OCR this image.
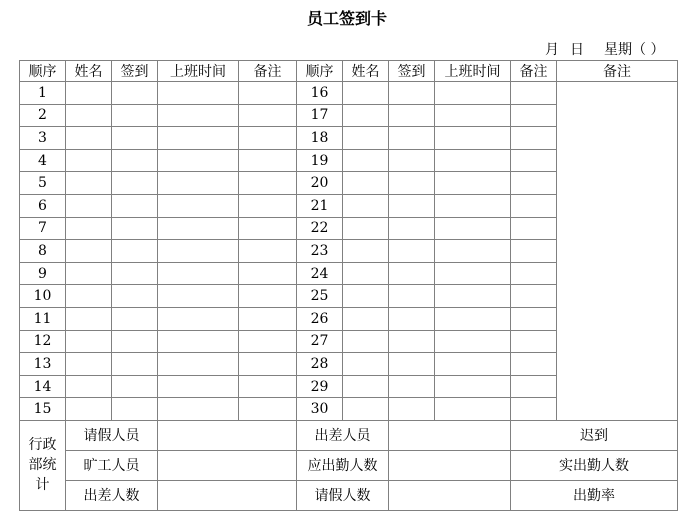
员工签到卡
月 日 星期（ ）
顺序	姓名	签到	上班时间	备注	顺序	姓名	签到	上班时间	备注	备注	
1					16						
2					17						
3					18						
4					19						
5					20						
6					21						
7					22						
8					23						
9					24						
10					25						
11					26						
12					27						
13					28						
14					29						
15					30						

行政
部统
计	请假人员				出差人员				迟到		
	旷工人员				应出勤人数				实出勤人数		
	出差人数				请假人数				出勤率		
